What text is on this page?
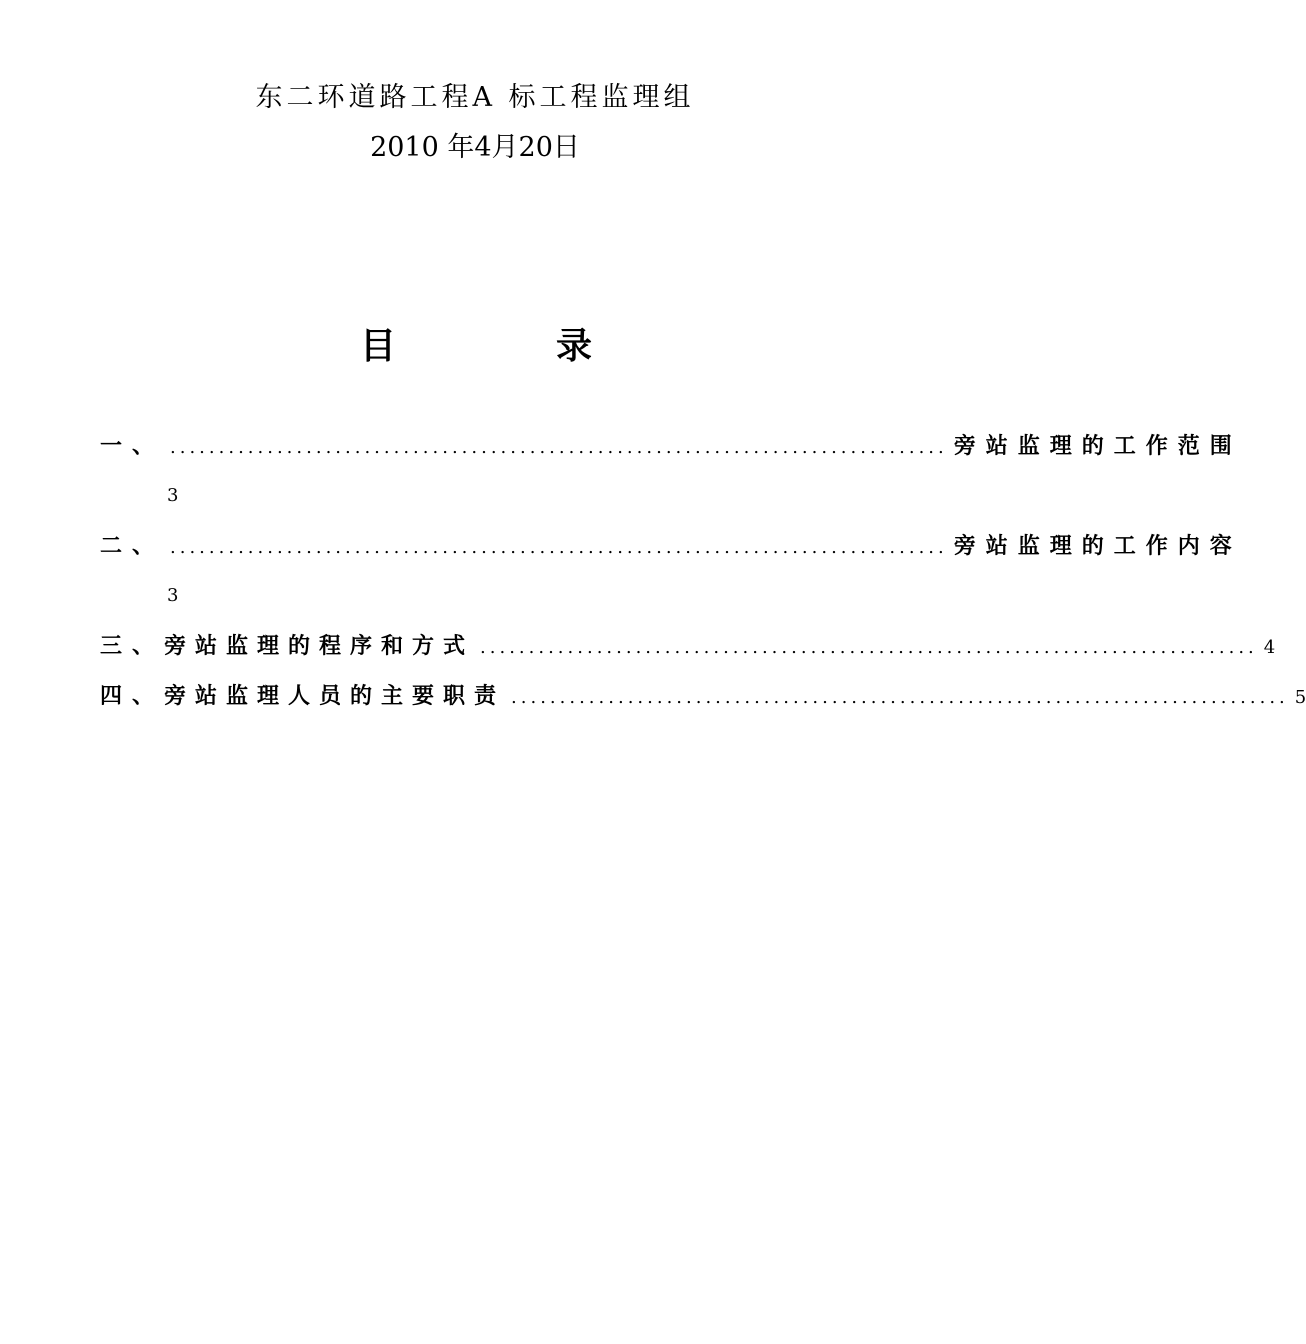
东二环道路工程A 标工程监理组
2010 年4月20日
目	录
一、 ................................................................................ 旁站监理的工作范围
3
二、 ................................................................................ 旁站监理的工作内容
3
三、 旁站监理的程序和方式 ................................................................................ 4
四、 旁站监理人员的主要职责 ................................................................................ 5
